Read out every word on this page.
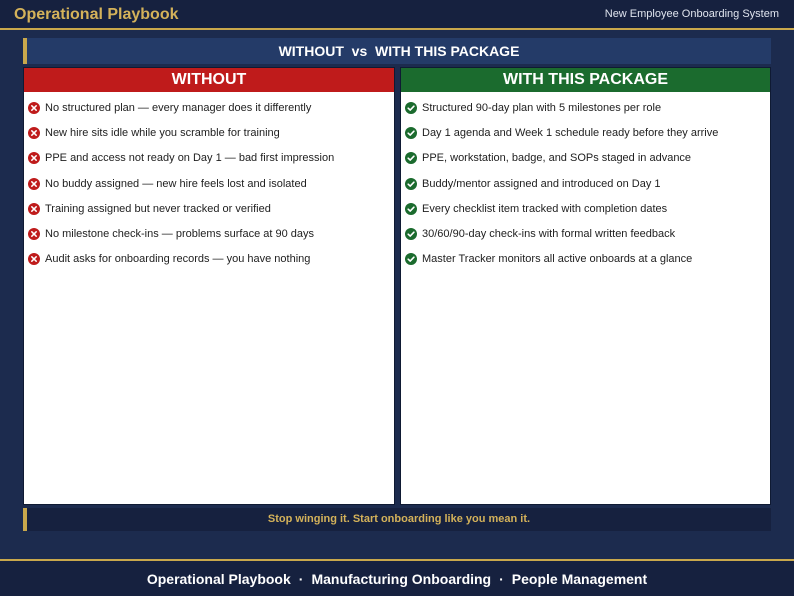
Operational Playbook	New Employee Onboarding System
WITHOUT  vs  WITH THIS PACKAGE
WITHOUT
No structured plan — every manager does it differently
New hire sits idle while you scramble for training
PPE and access not ready on Day 1 — bad first impression
No buddy assigned — new hire feels lost and isolated
Training assigned but never tracked or verified
No milestone check-ins — problems surface at 90 days
Audit asks for onboarding records — you have nothing
WITH THIS PACKAGE
Structured 90-day plan with 5 milestones per role
Day 1 agenda and Week 1 schedule ready before they arrive
PPE, workstation, badge, and SOPs staged in advance
Buddy/mentor assigned and introduced on Day 1
Every checklist item tracked with completion dates
30/60/90-day check-ins with formal written feedback
Master Tracker monitors all active onboards at a glance
Stop winging it. Start onboarding like you mean it.
Operational Playbook · Manufacturing Onboarding · People Management
